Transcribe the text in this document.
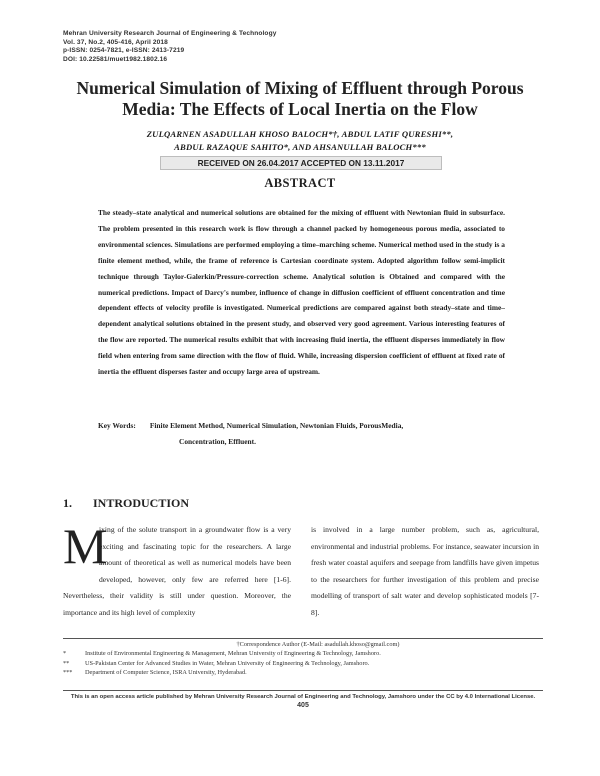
Mehran University Research Journal of Engineering & Technology
Vol. 37, No.2, 405-416, April 2018
p-ISSN: 0254-7821, e-ISSN: 2413-7219
DOI: 10.22581/muet1982.1802.16
Numerical Simulation of Mixing of Effluent through Porous
Media: The Effects of Local Inertia on the Flow
ZULQARNEN ASADULLAH KHOSO BALOCH*†, ABDUL LATIF QURESHI**,
ABDUL RAZAQUE SAHITO*, AND AHSANULLAH BALOCH***
RECEIVED ON 26.04.2017 ACCEPTED ON 13.11.2017
ABSTRACT
The steady–state analytical and numerical solutions are obtained for the mixing of effluent with Newtonian fluid in subsurface. The problem presented in this research work is flow through a channel packed by homogeneous porous media, associated to environmental sciences. Simulations are performed employing a time–marching scheme. Numerical method used in the study is a finite element method, while, the frame of reference is Cartesian coordinate system. Adopted algorithm follow semi-implicit technique through Taylor-Galerkin/Pressure-correction scheme. Analytical solution is Obtained and compared with the numerical predictions. Impact of Darcy's number, influence of change in diffusion coefficient of effluent concentration and time dependent effects of velocity profile is investigated. Numerical predictions are compared against both steady–state and time–dependent analytical solutions obtained in the present study, and observed very good agreement. Various interesting features of the flow are reported. The numerical results exhibit that with increasing fluid inertia, the effluent disperses immediately in flow field when entering from same direction with the flow of fluid. While, increasing dispersion coefficient of effluent at fixed rate of inertia the effluent disperses faster and occupy large area of upstream.
Key Words: Finite Element Method, Numerical Simulation, Newtonian Fluids, PorousMedia,
Concentration, Effluent.
1. INTRODUCTION
M
ixing of the solute transport in a groundwater flow is a very exciting and fascinating topic for the researchers. A large amount of theoretical as well as numerical models have been developed, however, only few are referred here [1-6]. Nevertheless, their validity is still under question. Moreover, the importance and its high level of complexity
is involved in a large number problem, such as, agricultural, environmental and industrial problems. For instance, seawater incursion in fresh water coastal aquifers and seepage from landfills have given impetus to the researchers for further investigation of this problem and precise modelling of transport of salt water and develop sophisticated models [7-8].
†Correspondence Author (E-Mail: asadullah.khoso@gmail.com)
*	Institute of Environmental Engineering & Management, Mehran University of Engineering & Technology, Jamshoro.
**	US-Pakistan Center for Advanced Studies in Water, Mehran University of Engineering & Technology, Jamshoro.
***	Department of Computer Science, ISRA University, Hyderabad.
This is an open access article published by Mehran University Research Journal of Engineering and Technology, Jamshoro under the CC by 4.0 International License.
405
